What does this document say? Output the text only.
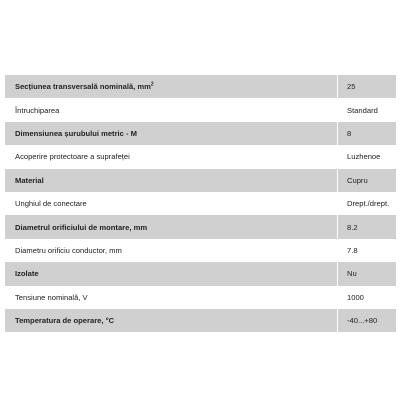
Secțiunea transversală nominală, $mm^2$	25
Întruchiparea	Standard
Dimensiunea șurubului metric - M	8
Acoperire protectoare a suprafeței	Luzhenoe
Material	Cupru
Unghiul de conectare	Drept./drept.
Diametrul orificiului de montare, mm	8.2
Diametru orificiu conductor, mm	7.8
Izolate	Nu
Tensiune nominală, V	1000
Temperatura de operare, °C	-40...+80
